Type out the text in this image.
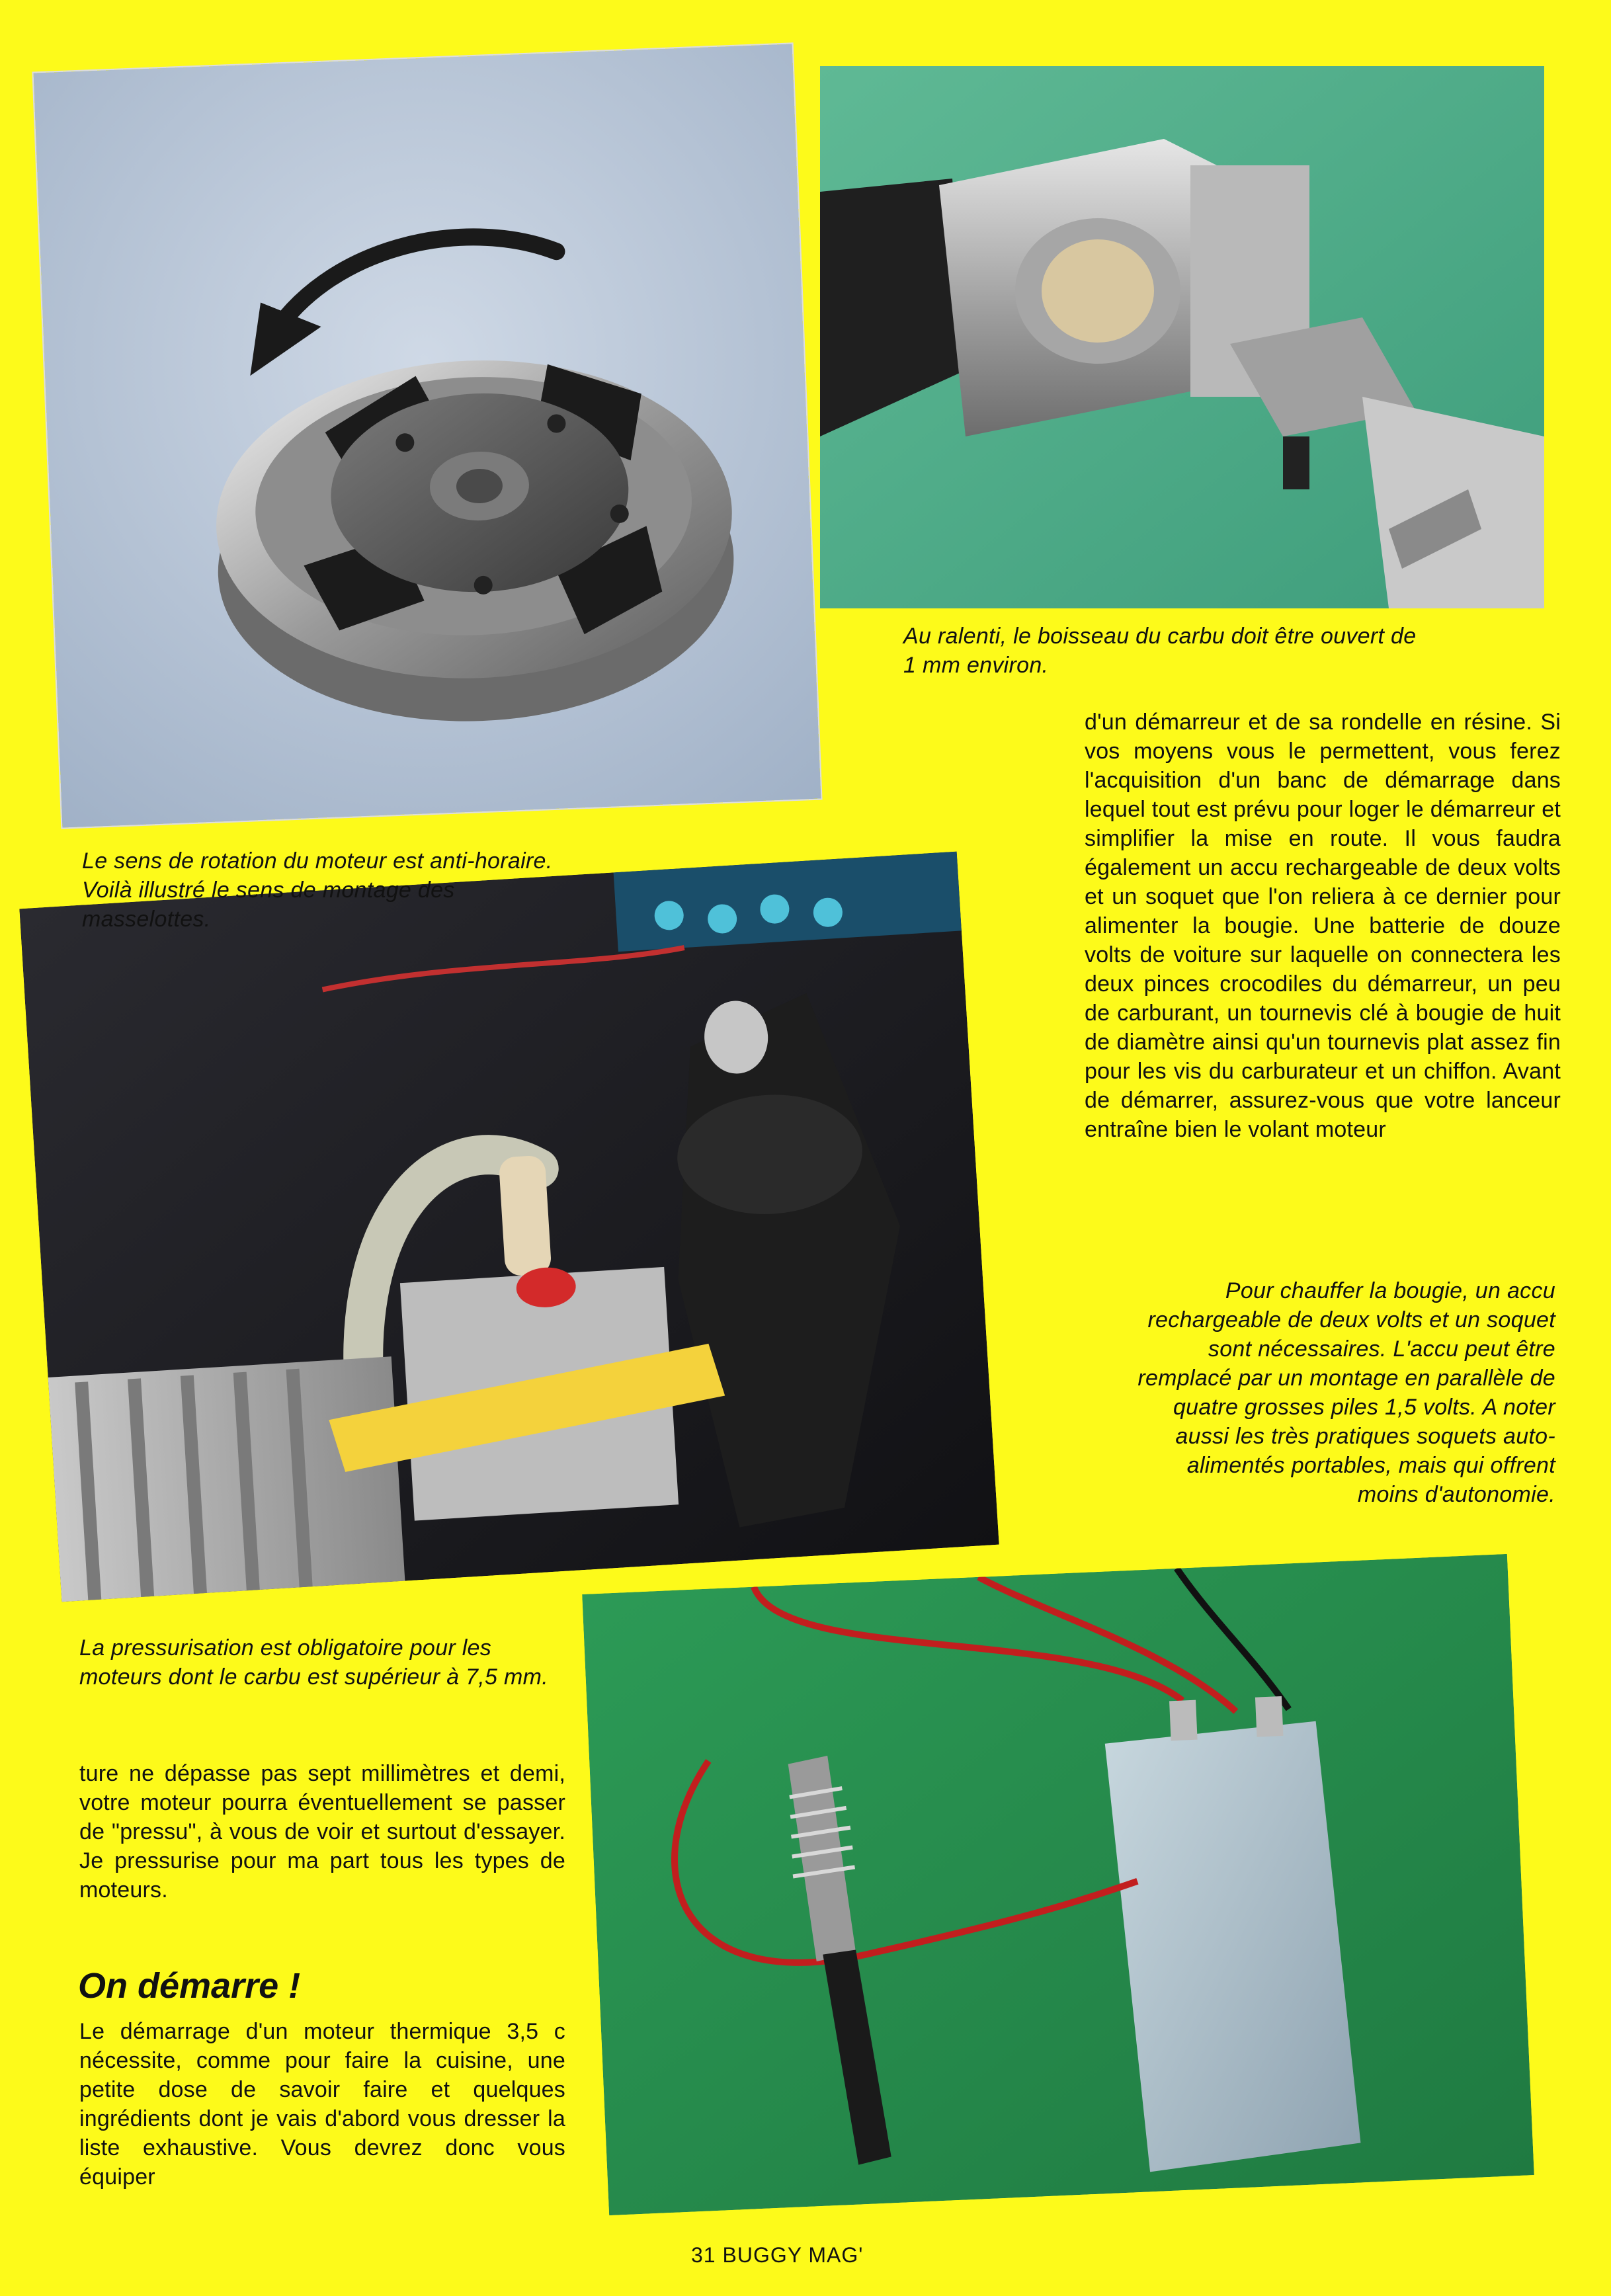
Le sens de rotation du moteur est anti-horaire. Voilà illustré le sens de montage des masselottes.
Au ralenti, le boisseau du carbu doit être ouvert de 1 mm environ.
La pressurisation est obligatoire pour les moteurs dont le carbu est supérieur à 7,5 mm.
Pour chauffer la bougie, un accu rechargeable de deux volts et un soquet sont nécessaires. L'accu peut être remplacé par un montage en parallèle de quatre grosses piles 1,5 volts. A noter aussi les très pratiques soquets auto-alimentés portables, mais qui offrent moins d'autonomie.
d'un démarreur et de sa rondelle en résine. Si vos moyens vous le permettent, vous ferez l'acquisition d'un banc de démarrage dans lequel tout est prévu pour loger le démarreur et simplifier la mise en route. Il vous faudra également un accu rechargeable de deux volts et un soquet que l'on reliera à ce dernier pour alimenter la bougie. Une batterie de douze volts de voiture sur laquelle on connectera les deux pinces crocodiles du démarreur, un peu de carburant, un tournevis clé à bougie de huit de diamètre ainsi qu'un tournevis plat assez fin pour les vis du carburateur et un chiffon. Avant de démarrer, assurez-vous que votre lanceur entraîne bien le volant moteur
ture ne dépasse pas sept millimètres et demi, votre moteur pourra éventuellement se passer de "pressu", à vous de voir et surtout d'essayer. Je pressurise pour ma part tous les types de moteurs.
On démarre !
Le démarrage d'un moteur thermique 3,5 c nécessite, comme pour faire la cuisine, une petite dose de savoir faire et quelques ingrédients dont je vais d'abord vous dresser la liste exhaustive. Vous devrez donc vous équiper
31 BUGGY MAG'
